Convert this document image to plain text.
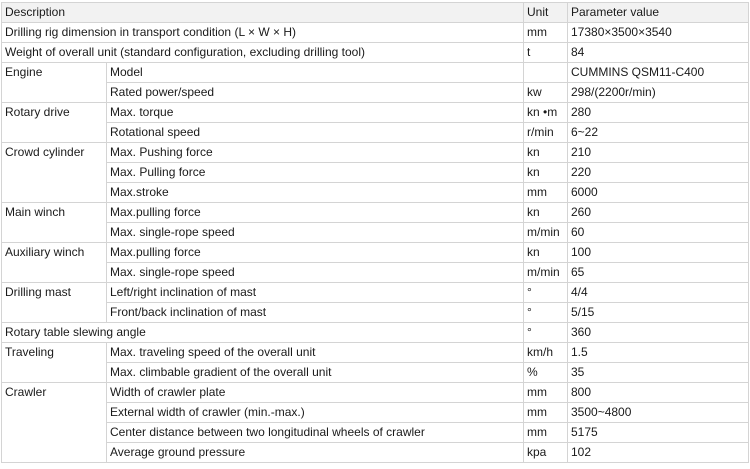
Description		Unit	Parameter value
Drilling rig dimension in transport condition (L × W × H)		mm	17380×3500×3540
Weight of overall unit (standard configuration, excluding drilling tool)		t	84
Engine	Model		CUMMINS QSM11-C400
	Rated power/speed	kw	298/(2200r/min)
Rotary drive	Max. torque	kn •m	280
	Rotational speed	r/min	6~22
Crowd cylinder	Max. Pushing force	kn	210
	Max. Pulling force	kn	220
	Max.stroke	mm	6000
Main winch	Max.pulling force	kn	260
	Max. single-rope speed	m/min	60
Auxiliary winch	Max.pulling force	kn	100
	Max. single-rope speed	m/min	65
Drilling mast	Left/right inclination of mast	°	4/4
	Front/back inclination of mast	°	5/15
Rotary table slewing angle		°	360
Traveling	Max. traveling speed of the overall unit	km/h	1.5
	Max. climbable gradient of the overall unit	%	35
Crawler	Width of crawler plate	mm	800
	External width of crawler (min.-max.)	mm	3500~4800
	Center distance between two longitudinal wheels of crawler	mm	5175
	Average ground pressure	kpa	102
